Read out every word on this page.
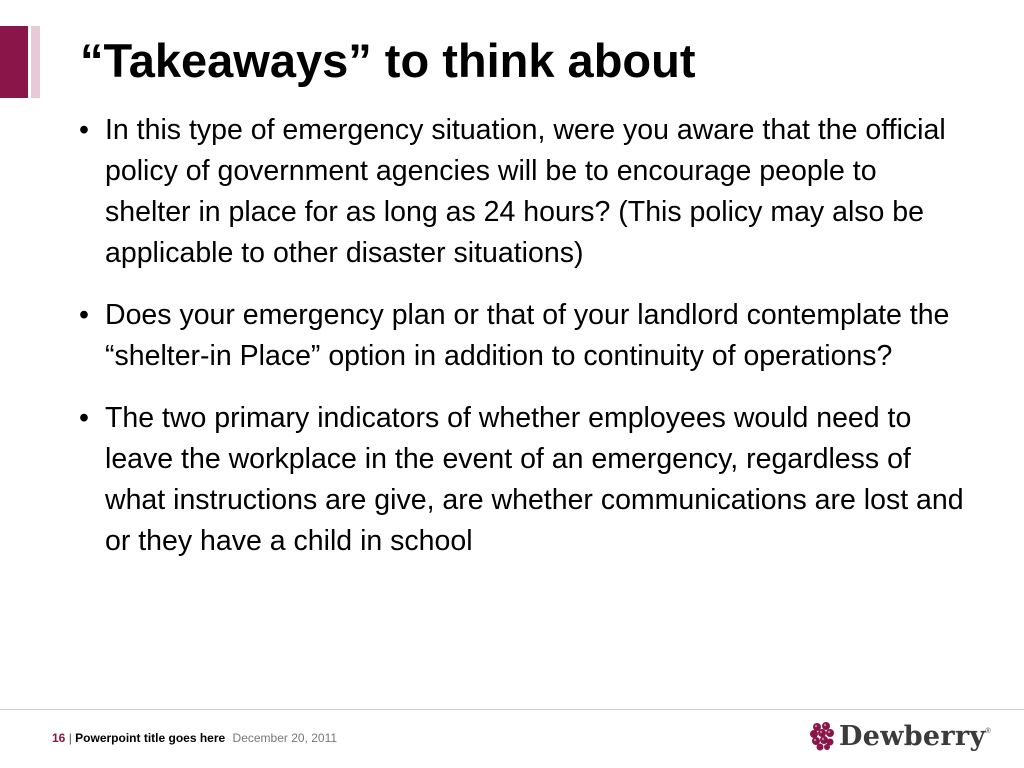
“Takeaways” to think about
• In this type of emergency situation, were you aware that the official policy of government agencies will be to encourage people to shelter in place for as long as 24 hours? (This policy may also be applicable to other disaster situations)
• Does your emergency plan or that of your landlord contemplate the “shelter-in Place” option in addition to continuity of operations?
• The two primary indicators of whether employees would need to leave the workplace in the event of an emergency, regardless of what instructions are give, are whether communications are lost and or they have a child in school
16 | Powerpoint title goes here December 20, 2011	Dewberry ®
